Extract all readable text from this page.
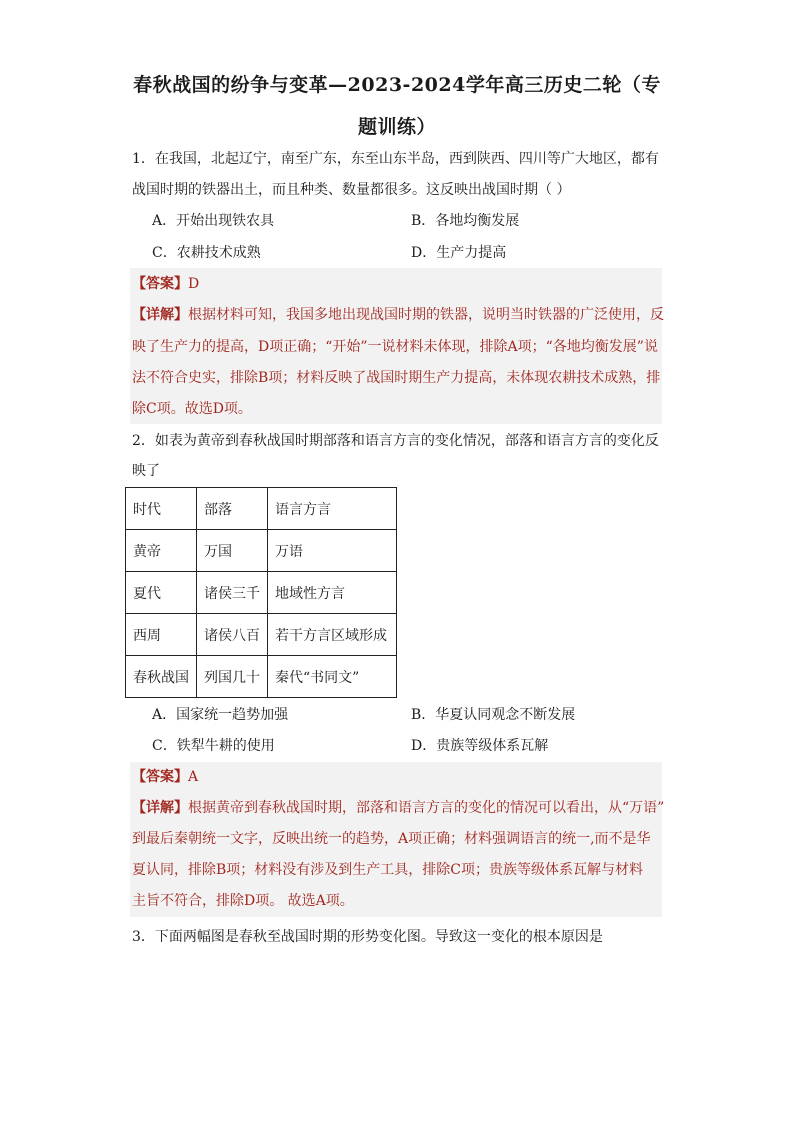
春秋战国的纷争与变革—2023-2024学年高三历史二轮（专
题训练）
1．在我国，北起辽宁，南至广东，东至山东半岛，西到陕西、四川等广大地区，都有
战国时期的铁器出土，而且种类、数量都很多。这反映出战国时期（ ）
A．开始出现铁农具	B．各地均衡发展
C．农耕技术成熟	D．生产力提高
【答案】D
【详解】根据材料可知，我国多地出现战国时期的铁器，说明当时铁器的广泛使用，反
映了生产力的提高，D项正确；“开始”一说材料未体现，排除A项；“各地均衡发展”说
法不符合史实，排除B项；材料反映了战国时期生产力提高，未体现农耕技术成熟，排
除C项。故选D项。
2．如表为黄帝到春秋战国时期部落和语言方言的变化情况，部落和语言方言的变化反
映了
时代	部落	语言方言
黄帝	万国	万语
夏代	诸侯三千	地域性方言
西周	诸侯八百	若干方言区域形成
春秋战国	列国几十	秦代“书同文”
A．国家统一趋势加强	B．华夏认同观念不断发展
C．铁犁牛耕的使用	D．贵族等级体系瓦解
【答案】A
【详解】根据黄帝到春秋战国时期，部落和语言方言的变化的情况可以看出，从“万语”
到最后秦朝统一文字，反映出统一的趋势，A项正确；材料强调语言的统一,而不是华
夏认同，排除B项；材料没有涉及到生产工具，排除C项；贵族等级体系瓦解与材料
主旨不符合，排除D项。 故选A项。
3．下面两幅图是春秋至战国时期的形势变化图。导致这一变化的根本原因是
